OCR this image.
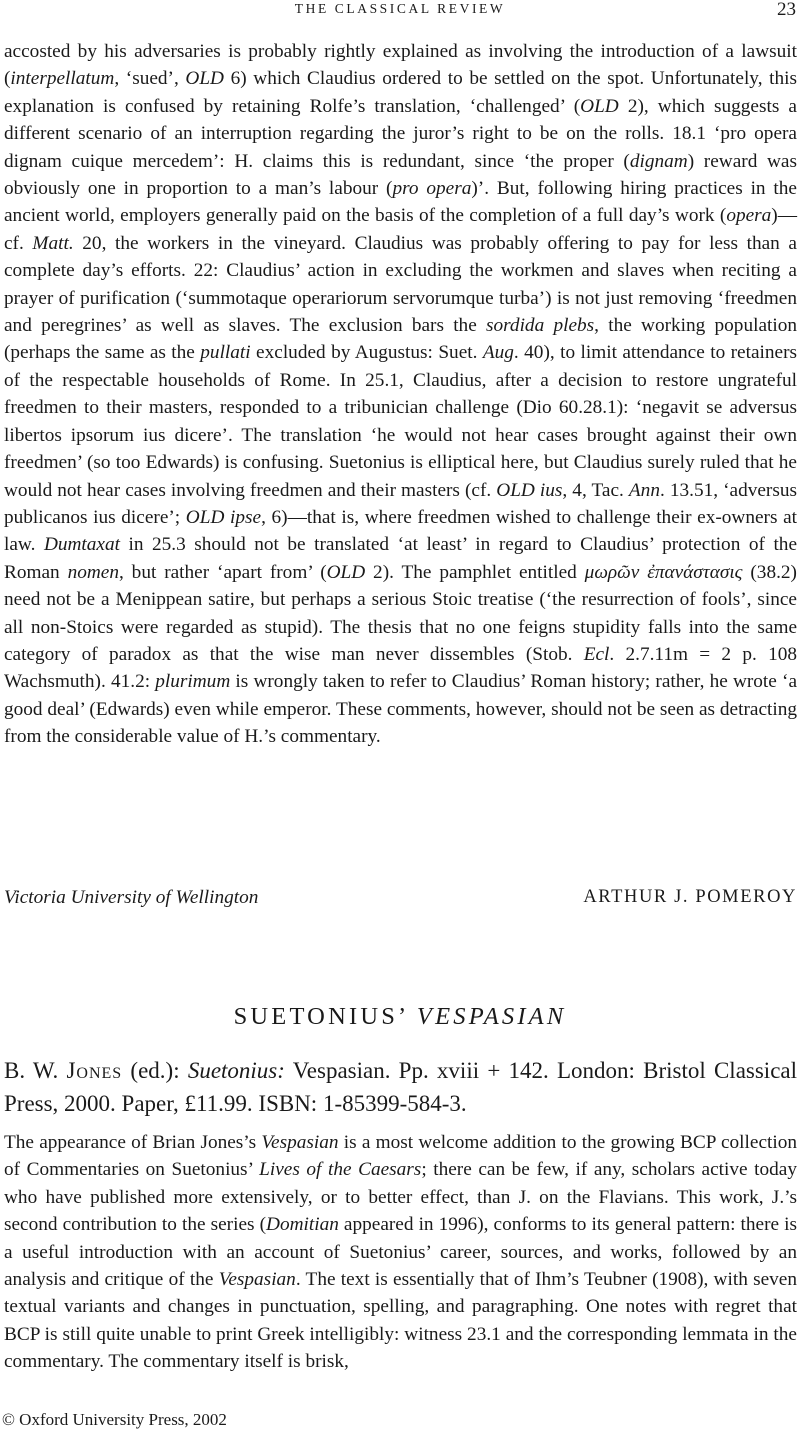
THE CLASSICAL REVIEW	23

accosted by his adversaries is probably rightly explained as involving the introduction of a lawsuit (interpellatum, ‘sued’, OLD 6) which Claudius ordered to be settled on the spot. Unfortunately, this explanation is confused by retaining Rolfe’s translation, ‘challenged’ (OLD 2), which suggests a different scenario of an interruption regarding the juror’s right to be on the rolls. 18.1 ‘pro opera dignam cuique mercedem’: H. claims this is redundant, since ‘the proper (dignam) reward was obviously one in proportion to a man’s labour (pro opera)’. But, following hiring practices in the ancient world, employers generally paid on the basis of the completion of a full day’s work (opera)—cf. Matt. 20, the workers in the vineyard. Claudius was probably offering to pay for less than a complete day’s efforts. 22: Claudius’ action in excluding the workmen and slaves when reciting a prayer of purification (‘summotaque operariorum servorumque turba’) is not just removing ‘freedmen and peregrines’ as well as slaves. The exclusion bars the sordida plebs, the working population (perhaps the same as the pullati excluded by Augustus: Suet. Aug. 40), to limit attendance to retainers of the respectable households of Rome. In 25.1, Claudius, after a decision to restore ungrateful freedmen to their masters, responded to a tribunician challenge (Dio 60.28.1): ‘negavit se adversus libertos ipsorum ius dicere’. The translation ‘he would not hear cases brought against their own freedmen’ (so too Edwards) is confusing. Suetonius is elliptical here, but Claudius surely ruled that he would not hear cases involving freedmen and their masters (cf. OLD ius, 4, Tac. Ann. 13.51, ‘adversus publicanos ius dicere’; OLD ipse, 6)—that is, where freedmen wished to challenge their ex-owners at law. Dumtaxat in 25.3 should not be translated ‘at least’ in regard to Claudius’ protection of the Roman nomen, but rather ‘apart from’ (OLD 2). The pamphlet entitled μωρῶν ἐπανάστασις (38.2) need not be a Menippean satire, but perhaps a serious Stoic treatise (‘the resurrection of fools’, since all non-Stoics were regarded as stupid). The thesis that no one feigns stupidity falls into the same category of paradox as that the wise man never dissembles (Stob. Ecl. 2.7.11m = 2 p. 108 Wachsmuth). 41.2: plurimum is wrongly taken to refer to Claudius’ Roman history; rather, he wrote ‘a good deal’ (Edwards) even while emperor. These comments, however, should not be seen as detracting from the considerable value of H.’s commentary.

Victoria University of Wellington	ARTHUR J. POMEROY
SUETONIUS’ VESPASIAN

B. W. Jones (ed.): Suetonius: Vespasian. Pp. xviii + 142. London: Bristol Classical Press, 2000. Paper, £11.99. ISBN: 1-85399-584-3.

The appearance of Brian Jones’s Vespasian is a most welcome addition to the growing BCP collection of Commentaries on Suetonius’ Lives of the Caesars; there can be few, if any, scholars active today who have published more extensively, or to better effect, than J. on the Flavians. This work, J.’s second contribution to the series (Domitian appeared in 1996), conforms to its general pattern: there is a useful introduction with an account of Suetonius’ career, sources, and works, followed by an analysis and critique of the Vespasian. The text is essentially that of Ihm’s Teubner (1908), with seven textual variants and changes in punctuation, spelling, and paragraphing. One notes with regret that BCP is still quite unable to print Greek intelligibly: witness 23.1 and the corresponding lemmata in the commentary. The commentary itself is brisk,

© Oxford University Press, 2002
